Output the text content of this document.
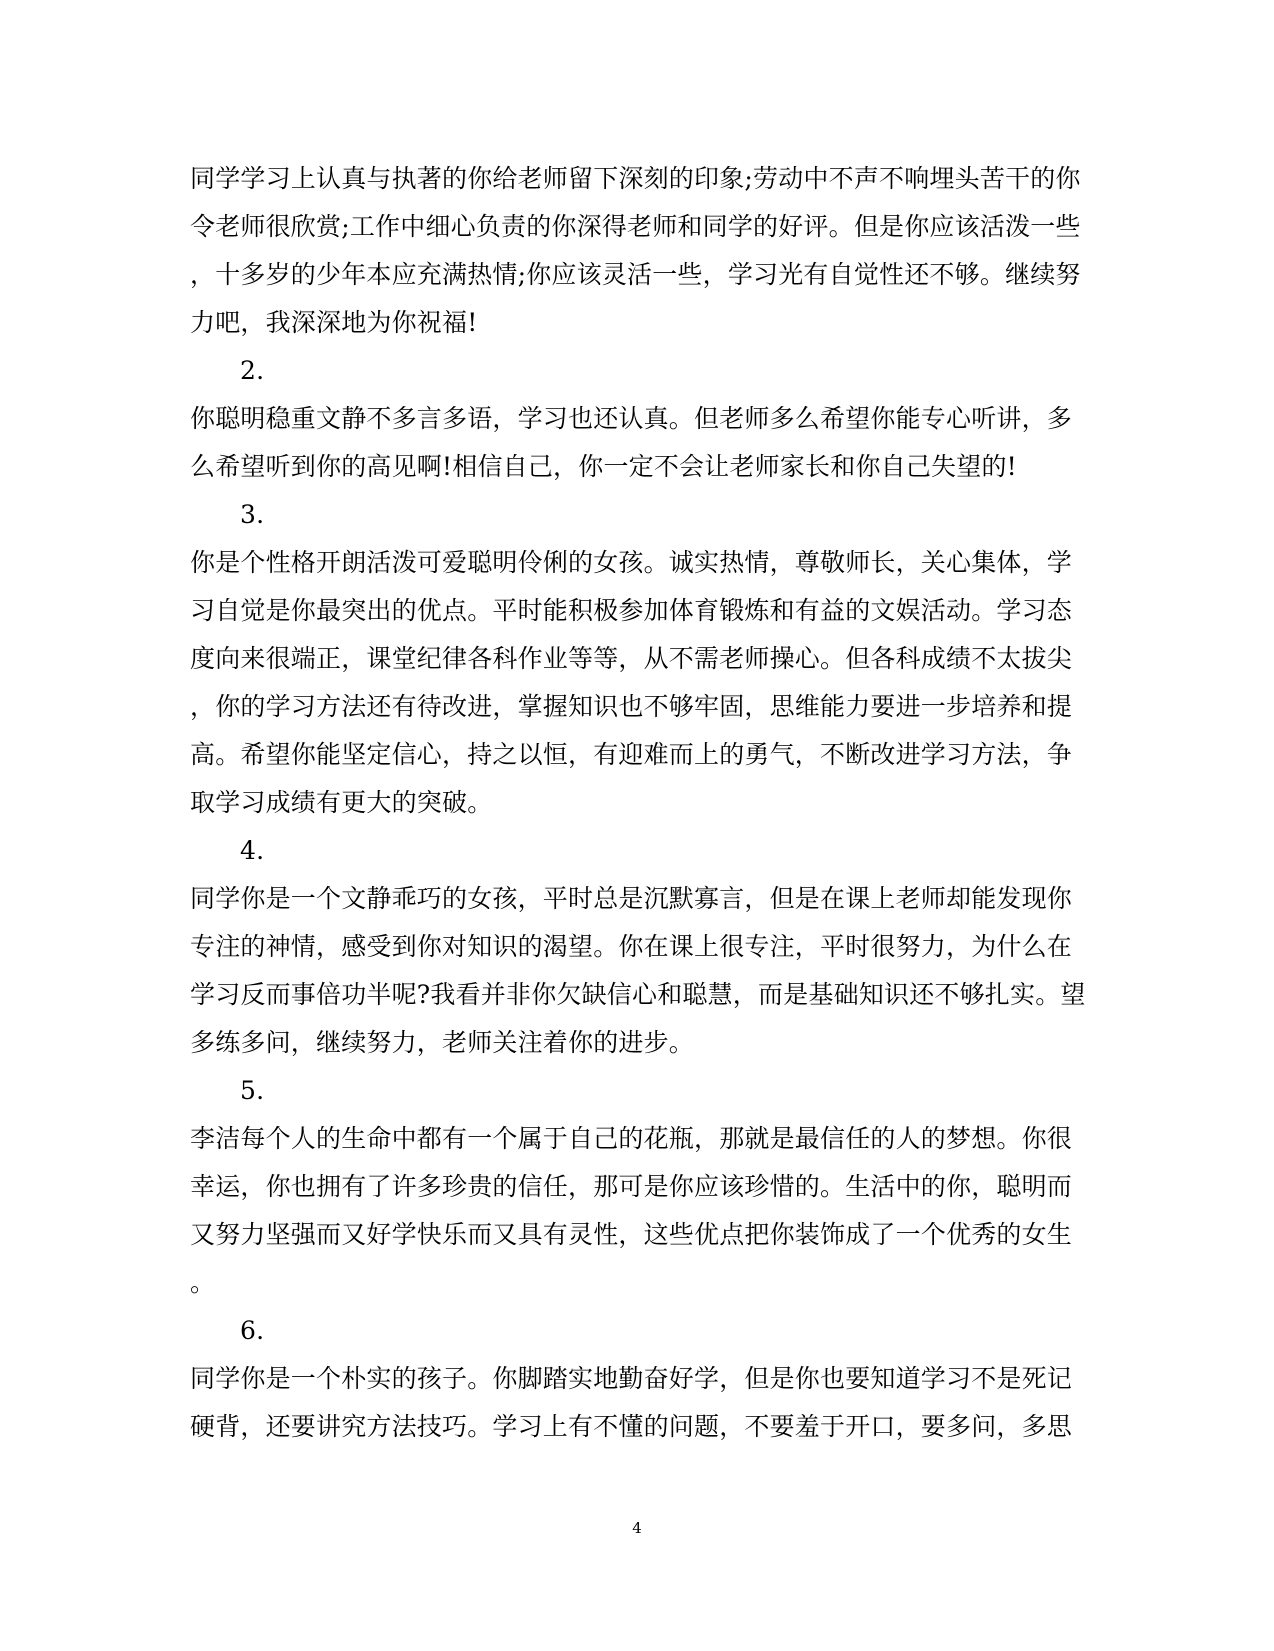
同学学习上认真与执著的你给老师留下深刻的印象;劳动中不声不响埋头苦干的你
令老师很欣赏;工作中细心负责的你深得老师和同学的好评。但是你应该活泼一些
，十多岁的少年本应充满热情;你应该灵活一些，学习光有自觉性还不够。继续努
力吧，我深深地为你祝福!
2.
你聪明稳重文静不多言多语，学习也还认真。但老师多么希望你能专心听讲，多
么希望听到你的高见啊!相信自己，你一定不会让老师家长和你自己失望的!
3.
你是个性格开朗活泼可爱聪明伶俐的女孩。诚实热情，尊敬师长，关心集体，学
习自觉是你最突出的优点。平时能积极参加体育锻炼和有益的文娱活动。学习态
度向来很端正，课堂纪律各科作业等等，从不需老师操心。但各科成绩不太拔尖
，你的学习方法还有待改进，掌握知识也不够牢固，思维能力要进一步培养和提
高。希望你能坚定信心，持之以恒，有迎难而上的勇气，不断改进学习方法，争
取学习成绩有更大的突破。
4.
同学你是一个文静乖巧的女孩，平时总是沉默寡言，但是在课上老师却能发现你
专注的神情，感受到你对知识的渴望。你在课上很专注，平时很努力，为什么在
学习反而事倍功半呢?我看并非你欠缺信心和聪慧，而是基础知识还不够扎实。望
多练多问，继续努力，老师关注着你的进步。
5.
李洁每个人的生命中都有一个属于自己的花瓶，那就是最信任的人的梦想。你很
幸运，你也拥有了许多珍贵的信任，那可是你应该珍惜的。生活中的你，聪明而
又努力坚强而又好学快乐而又具有灵性，这些优点把你装饰成了一个优秀的女生
。
6.
同学你是一个朴实的孩子。你脚踏实地勤奋好学，但是你也要知道学习不是死记
硬背，还要讲究方法技巧。学习上有不懂的问题，不要羞于开口，要多问，多思
4
